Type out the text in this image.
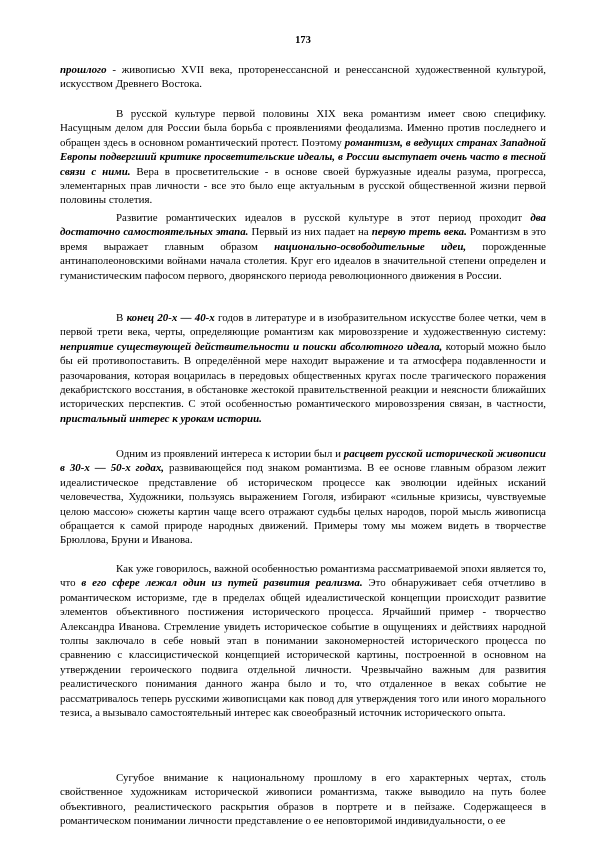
173

прошлого - живописью XVII века, проторенессансной и ренессансной художественной культурой, искусством Древнего Востока.

В русской культуре первой половины XIX века романтизм имеет свою специфику. Насущным делом для России была борьба с проявлениями феодализма. Именно против последнего и обращен здесь в основном романтический протест. Поэтому романтизм, в ведущих странах Западной Европы подвергший критике просветительские идеалы, в России выступает очень часто в тесной связи с ними. Вера в просветительские - в основе своей буржуазные идеалы разума, прогресса, элементарных прав личности - все это было еще актуальным в русской общественной жизни первой половины столетия.

Развитие романтических идеалов в русской культуре в этот период проходит два достаточно самостоятельных этапа. Первый из них падает на первую треть века. Романтизм в это время выражает главным образом национально-освободительные идеи, порожденные антинаполеоновскими войнами начала столетия. Круг его идеалов в значительной степени определен и гуманистическим пафосом первого, дворянского периода революционного движения в России.

В конец 20-х — 40-х годов в литературе и в изобразительном искусстве более четки, чем в первой трети века, черты, определяющие романтизм как мировоззрение и художественную систему: неприятие существующей действительности и поиски абсолютного идеала, который можно было бы ей противопоставить. В определённой мере находит выражение и та атмосфера подавленности и разочарования, которая воцарилась в передовых общественных кругах после трагического поражения декабристского восстания, в обстановке жестокой правительственной реакции и неясности ближайших исторических перспектив. С этой особенностью романтического мировоззрения связан, в частности, пристальный интерес к урокам истории.

Одним из проявлений интереса к истории был и расцвет русской исторической живописи в 30-х — 50-х годах, развивающейся под знаком романтизма. В ее основе главным образом лежит идеалистическое представление об историческом процессе как эволюции идейных исканий человечества, Художники, пользуясь выражением Гоголя, избирают «сильные кризисы, чувствуемые целою массою» сюжеты картин чаще всего отражают судьбы целых народов, порой мысль живописца обращается к самой природе народных движений. Примеры тому мы можем видеть в творчестве Брюллова, Бруни и Иванова.

Как уже говорилось, важной особенностью романтизма рассматриваемой эпохи является то, что в его сфере лежал один из путей развития реализма. Это обнаруживает себя отчетливо в романтическом историзме, где в пределах общей идеалистической концепции происходит развитие элементов объективного постижения исторического процесса. Ярчайший пример - творчество Александра Иванова. Стремление увидеть историческое событие в ощущениях и действиях народной толпы заключало в себе новый этап в понимании закономерностей исторического процесса по сравнению с классицистической концепцией исторической картины, построенной в основном на утверждении героического подвига отдельной личности. Чрезвычайно важным для развития реалистического понимания данного жанра было и то, что отдаленное в веках событие не рассматривалось теперь русскими живописцами как повод для утверждения того или иного морального тезиса, а вызывало самостоятельный интерес как своеобразный источник исторического опыта.

Сугубое внимание к национальному прошлому в его характерных чертах, столь свойственное художникам исторической живописи романтизма, также выводило на путь более объективного, реалистического раскрытия образов в портрете и в пейзаже. Содержащееся в романтическом понимании личности представление о ее неповторимой индивидуальности, о ее
